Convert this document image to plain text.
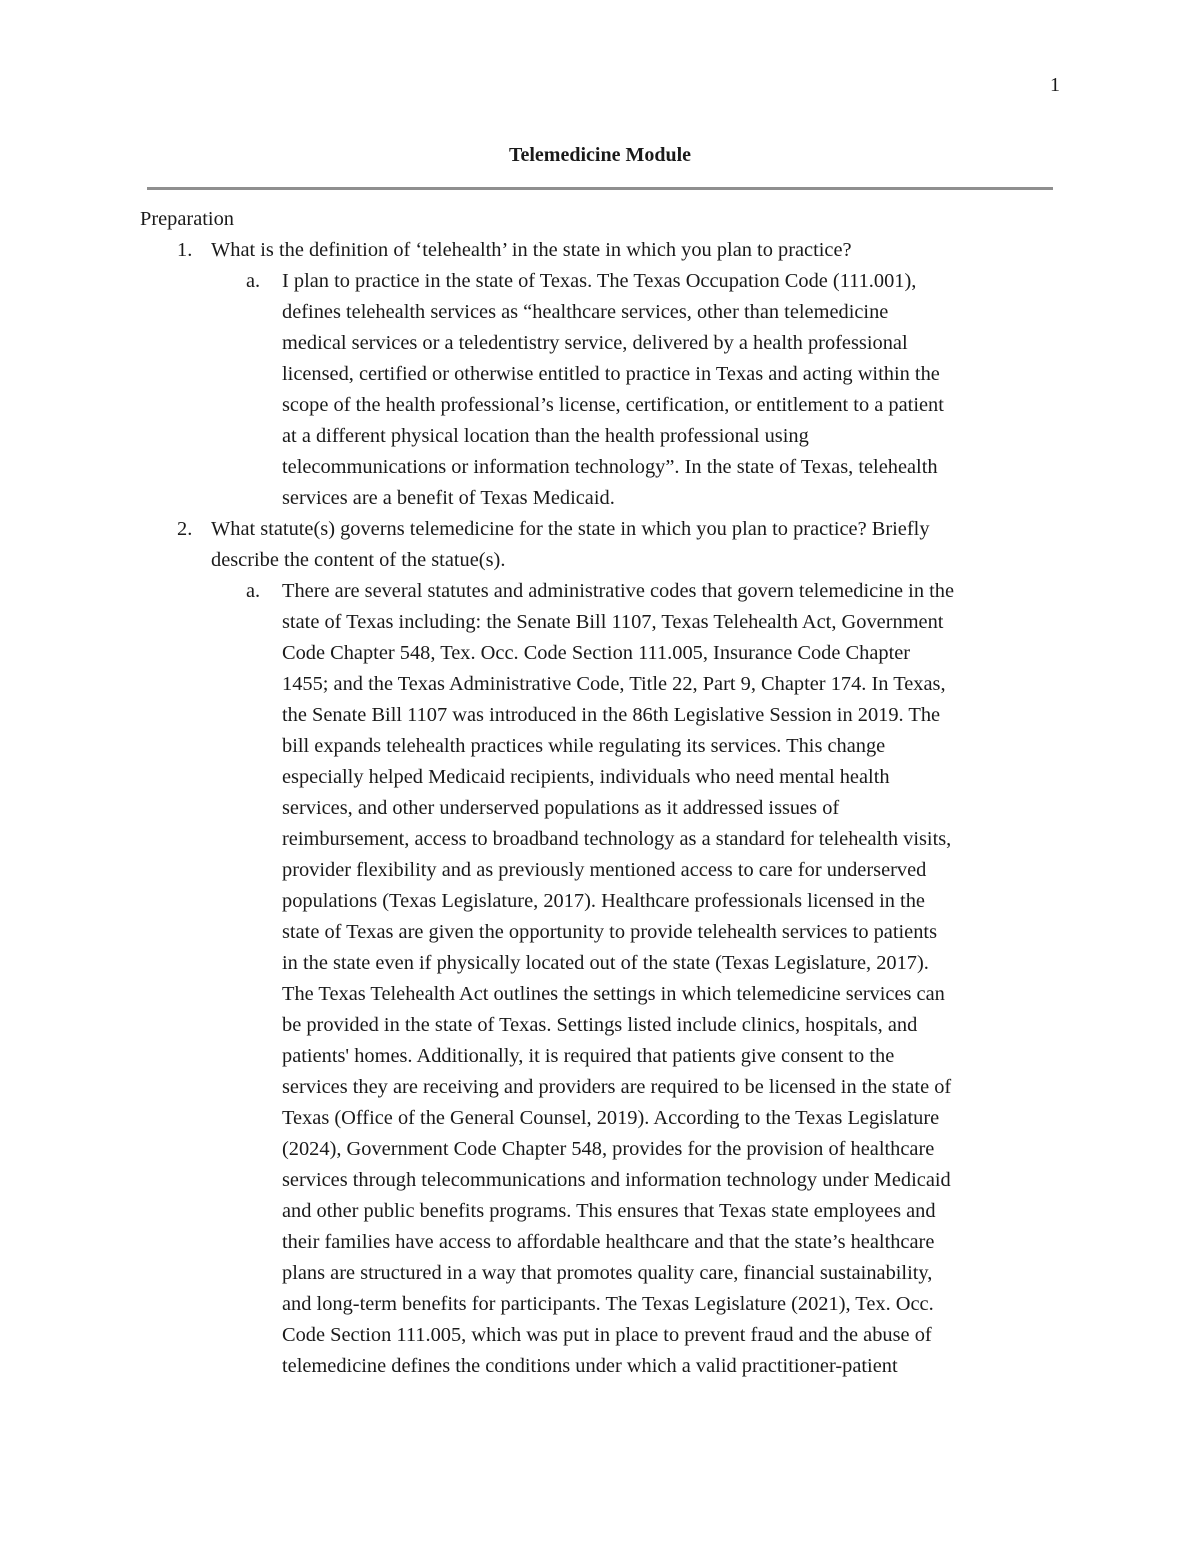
1
Telemedicine Module

Preparation

1. What is the definition of ‘telehealth’ in the state in which you plan to practice?
a. I plan to practice in the state of Texas. The Texas Occupation Code (111.001),
defines telehealth services as “healthcare services, other than telemedicine
medical services or a teledentistry service, delivered by a health professional
licensed, certified or otherwise entitled to practice in Texas and acting within the
scope of the health professional’s license, certification, or entitlement to a patient
at a different physical location than the health professional using
telecommunications or information technology”. In the state of Texas, telehealth
services are a benefit of Texas Medicaid.
2. What statute(s) governs telemedicine for the state in which you plan to practice? Briefly
describe the content of the statue(s).
a. There are several statutes and administrative codes that govern telemedicine in the
state of Texas including: the Senate Bill 1107, Texas Telehealth Act, Government
Code Chapter 548, Tex. Occ. Code Section 111.005, Insurance Code Chapter
1455; and the Texas Administrative Code, Title 22, Part 9, Chapter 174. In Texas,
the Senate Bill 1107 was introduced in the 86th Legislative Session in 2019. The
bill expands telehealth practices while regulating its services. This change
especially helped Medicaid recipients, individuals who need mental health
services, and other underserved populations as it addressed issues of
reimbursement, access to broadband technology as a standard for telehealth visits,
provider flexibility and as previously mentioned access to care for underserved
populations (Texas Legislature, 2017). Healthcare professionals licensed in the
state of Texas are given the opportunity to provide telehealth services to patients
in the state even if physically located out of the state (Texas Legislature, 2017).
The Texas Telehealth Act outlines the settings in which telemedicine services can
be provided in the state of Texas. Settings listed include clinics, hospitals, and
patients' homes. Additionally, it is required that patients give consent to the
services they are receiving and providers are required to be licensed in the state of
Texas (Office of the General Counsel, 2019). According to the Texas Legislature
(2024), Government Code Chapter 548, provides for the provision of healthcare
services through telecommunications and information technology under Medicaid
and other public benefits programs. This ensures that Texas state employees and
their families have access to affordable healthcare and that the state’s healthcare
plans are structured in a way that promotes quality care, financial sustainability,
and long-term benefits for participants. The Texas Legislature (2021), Tex. Occ.
Code Section 111.005, which was put in place to prevent fraud and the abuse of
telemedicine defines the conditions under which a valid practitioner-patient
